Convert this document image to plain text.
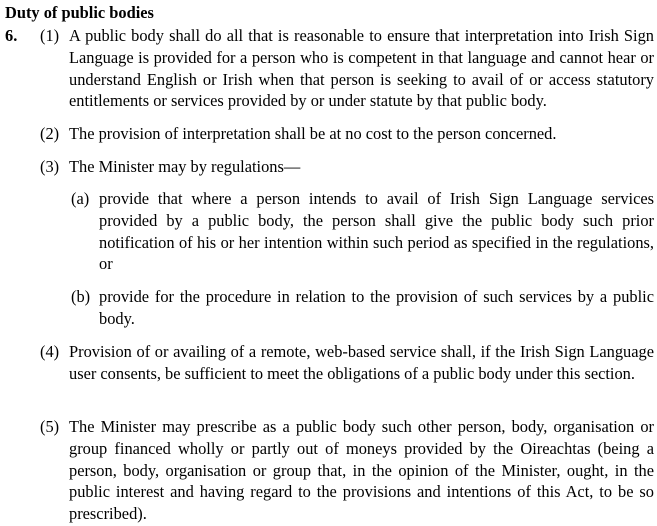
Duty of public bodies
6. (1) A public body shall do all that is reasonable to ensure that interpretation into Irish Sign Language is provided for a person who is competent in that language and cannot hear or understand English or Irish when that person is seeking to avail of or access statutory entitlements or services provided by or under statute by that public body.
(2) The provision of interpretation shall be at no cost to the person concerned.
(3) The Minister may by regulations—
(a) provide that where a person intends to avail of Irish Sign Language services provided by a public body, the person shall give the public body such prior notification of his or her intention within such period as specified in the regulations, or
(b) provide for the procedure in relation to the provision of such services by a public body.
(4) Provision of or availing of a remote, web-based service shall, if the Irish Sign Language user consents, be sufficient to meet the obligations of a public body under this section.
(5) The Minister may prescribe as a public body such other person, body, organisation or group financed wholly or partly out of moneys provided by the Oireachtas (being a person, body, organisation or group that, in the opinion of the Minister, ought, in the public interest and having regard to the provisions and intentions of this Act, to be so prescribed).
